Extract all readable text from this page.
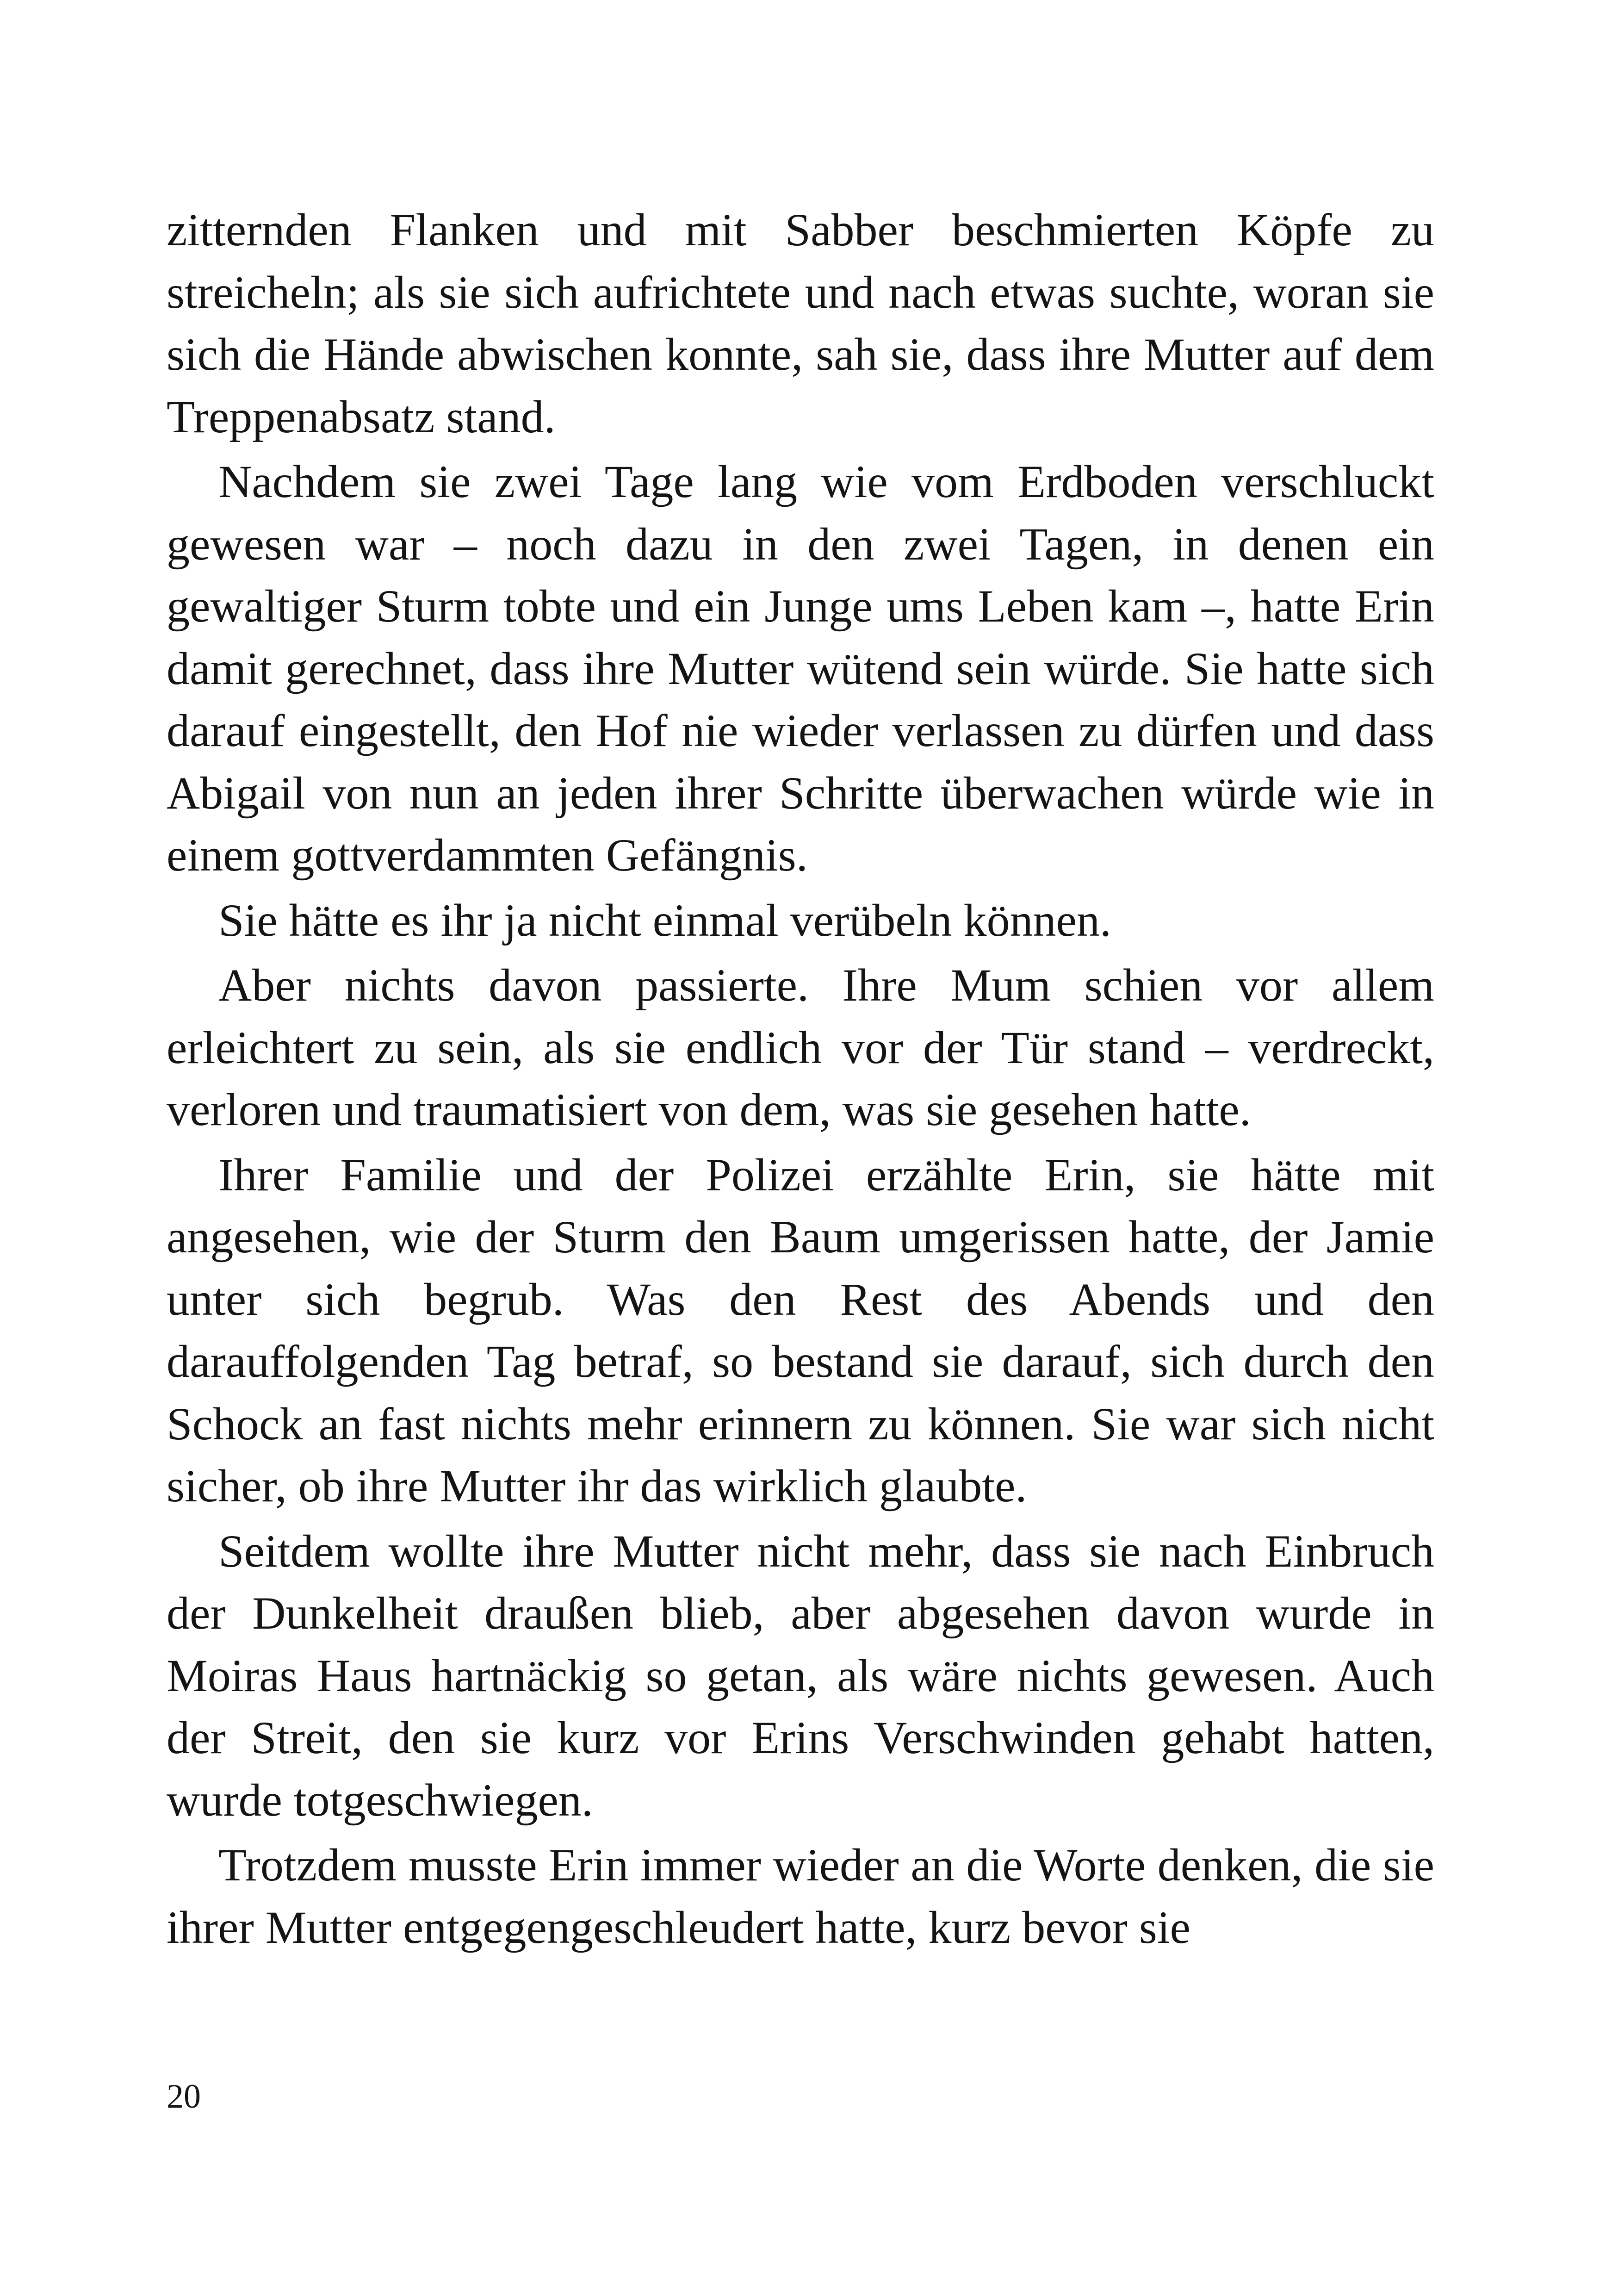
zitternden Flanken und mit Sabber beschmierten Köpfe zu streicheln; als sie sich aufrichtete und nach etwas suchte, woran sie sich die Hände abwischen konnte, sah sie, dass ihre Mutter auf dem Treppenabsatz stand.

Nachdem sie zwei Tage lang wie vom Erdboden verschluckt gewesen war – noch dazu in den zwei Tagen, in denen ein gewaltiger Sturm tobte und ein Junge ums Leben kam –, hatte Erin damit gerechnet, dass ihre Mutter wütend sein würde. Sie hatte sich darauf eingestellt, den Hof nie wieder verlassen zu dürfen und dass Abigail von nun an jeden ihrer Schritte überwachen würde wie in einem gottverdammten Gefängnis.

Sie hätte es ihr ja nicht einmal verübeln können.

Aber nichts davon passierte. Ihre Mum schien vor allem erleichtert zu sein, als sie endlich vor der Tür stand – verdreckt, verloren und traumatisiert von dem, was sie gesehen hatte.

Ihrer Familie und der Polizei erzählte Erin, sie hätte mit angesehen, wie der Sturm den Baum umgerissen hatte, der Jamie unter sich begrub. Was den Rest des Abends und den darauffolgenden Tag betraf, so bestand sie darauf, sich durch den Schock an fast nichts mehr erinnern zu können. Sie war sich nicht sicher, ob ihre Mutter ihr das wirklich glaubte.

Seitdem wollte ihre Mutter nicht mehr, dass sie nach Einbruch der Dunkelheit draußen blieb, aber abgesehen davon wurde in Moiras Haus hartnäckig so getan, als wäre nichts gewesen. Auch der Streit, den sie kurz vor Erins Verschwinden gehabt hatten, wurde totgeschwiegen.

Trotzdem musste Erin immer wieder an die Worte denken, die sie ihrer Mutter entgegengeschleudert hatte, kurz bevor sie

20
